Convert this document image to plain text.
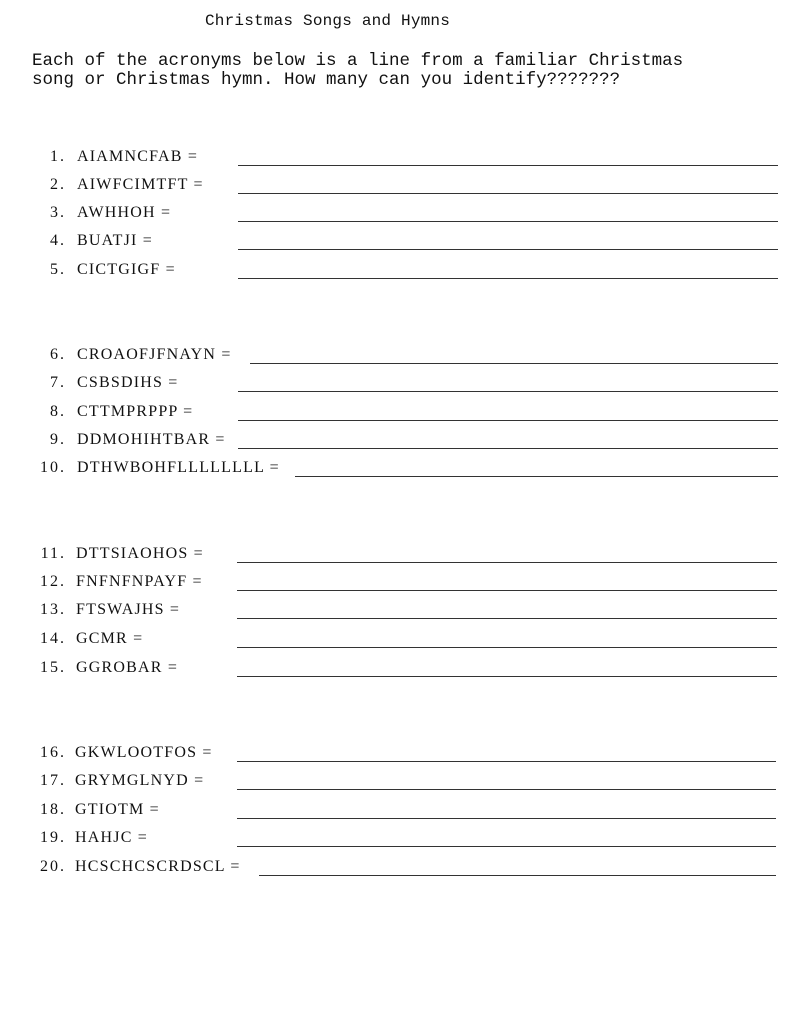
Christmas Songs and Hymns
Each of the acronyms below is a line from a familiar Christmas
song or Christmas hymn. How many can you identify???????
1. AIAMNCFAB =
2. AIWFCIMTFT =
3. AWHHOH =
4. BUATJI =
5. CICTGIGF =
6. CROAOFJFNAYN =
7. CSBSDIHS =
8. CTTMPRPPP =
9. DDMOHIHTBAR =
10. DTHWBOHFLLLLLLLL =
11. DTTSIAOHOS =
12. FNFNFNPAYF =
13. FTSWAJHS =
14. GCMR =
15. GGROBAR =
16. GKWLOOTFOS =
17. GRYMGLNYD =
18. GTIOTM =
19. HAHJC =
20. HCSCHCSCRDSCL =
